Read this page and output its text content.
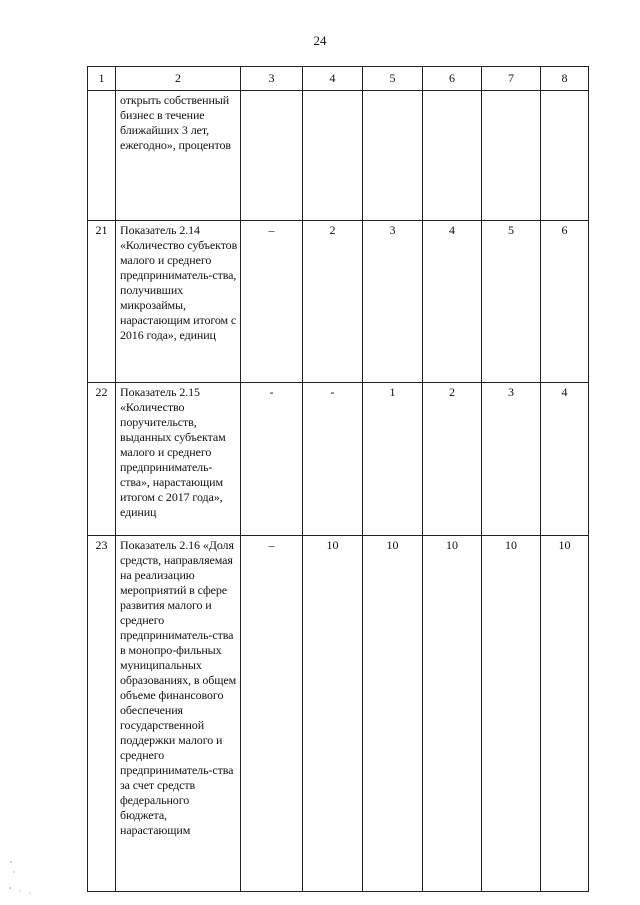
24
1	2	3	4	5	6	7	8
	открыть собственный бизнес в течение ближайших 3 лет, ежегодно», процентов						
21	Показатель 2.14 «Количество субъектов малого и среднего предприниматель-ства, получивших микрозаймы, нарастающим итогом с 2016 года», единиц	–	2	3	4	5	6
22	Показатель 2.15 «Количество поручительств, выданных субъектам малого и среднего предприниматель-ства», нарастающим итогом с 2017 года», единиц	-	-	1	2	3	4
23	Показатель 2.16 «Доля средств, направляемая на реализацию мероприятий в сфере развития малого и среднего предприниматель-ства в монопро-фильных муниципальных образованиях, в общем объеме финансового обеспечения государственной поддержки малого и среднего предприниматель-ства за счет средств федерального бюджета, нарастающим	–	10	10	10	10	10
